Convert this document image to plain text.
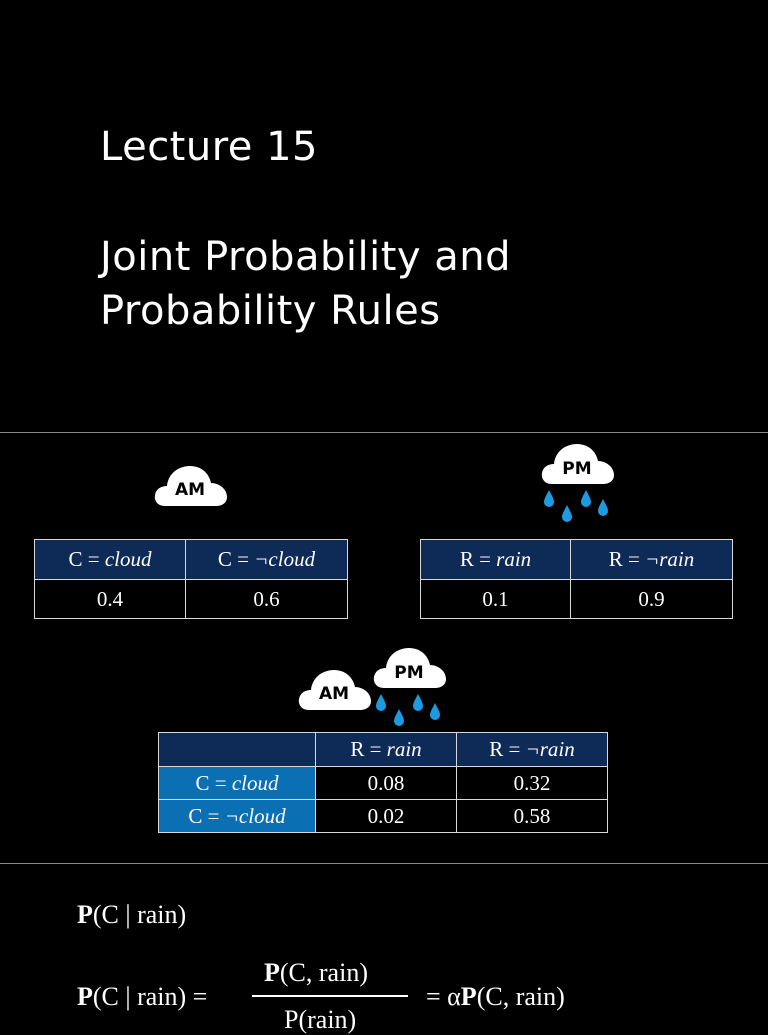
Lecture 15
Joint Probability and
Probability Rules
AM
PM
C = cloud	C = ¬cloud
0.4	0.6
R = rain	R = ¬rain
0.1	0.9
AM
PM
	R = rain	R = ¬rain
C = cloud	0.08	0.32
C = ¬cloud	0.02	0.58
P(C | rain)
P(C | rain) =
P(C, rain)
P(rain)
= αP(C, rain)
